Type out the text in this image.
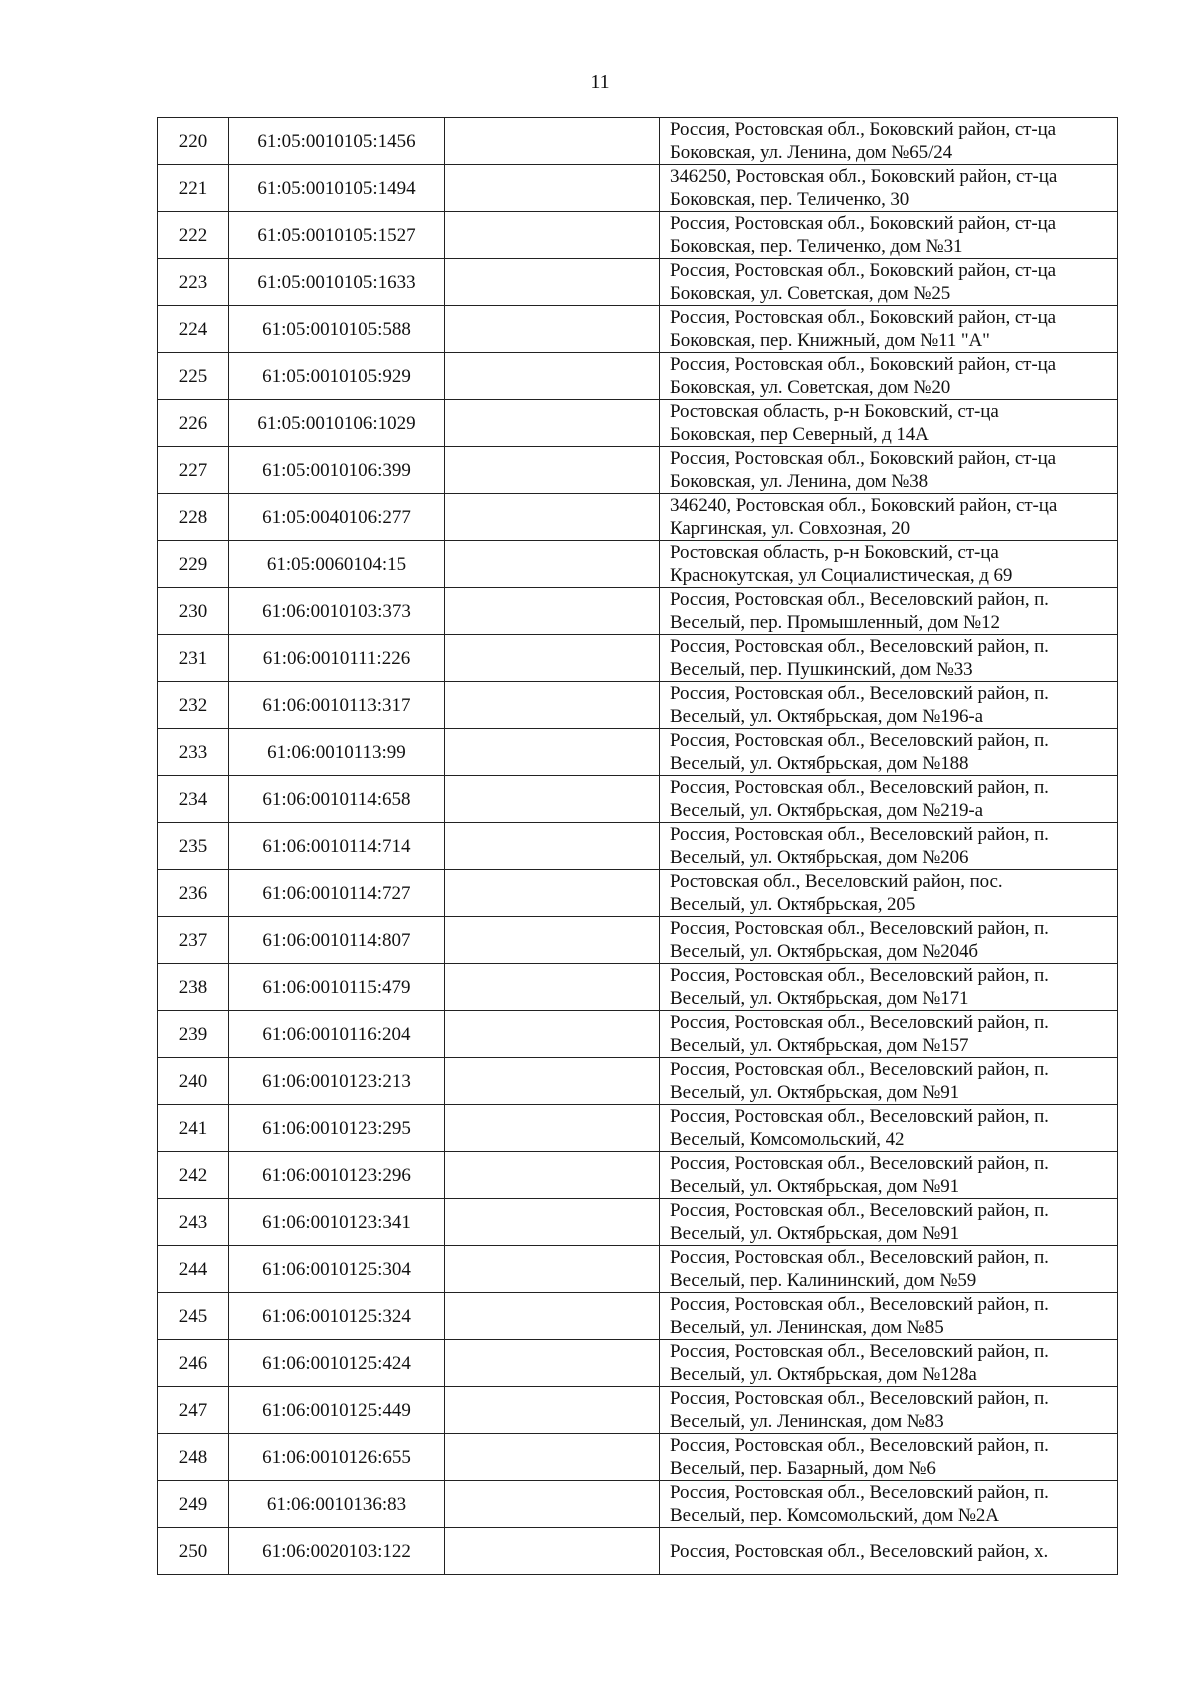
11
220	61:05:0010105:1456		Россия, Ростовская обл., Боковский район, ст-ца
Боковская, ул. Ленина, дом №65/24
221	61:05:0010105:1494		346250, Ростовская обл., Боковский район, ст-ца
Боковская, пер. Теличенко, 30
222	61:05:0010105:1527		Россия, Ростовская обл., Боковский район, ст-ца
Боковская, пер. Теличенко, дом №31
223	61:05:0010105:1633		Россия, Ростовская обл., Боковский район, ст-ца
Боковская, ул. Советская, дом №25
224	61:05:0010105:588		Россия, Ростовская обл., Боковский район, ст-ца
Боковская, пер. Книжный, дом №11 "А"
225	61:05:0010105:929		Россия, Ростовская обл., Боковский район, ст-ца
Боковская, ул. Советская, дом №20
226	61:05:0010106:1029		Ростовская область, р-н Боковский, ст-ца
Боковская, пер Северный, д 14А
227	61:05:0010106:399		Россия, Ростовская обл., Боковский район, ст-ца
Боковская, ул. Ленина, дом №38
228	61:05:0040106:277		346240, Ростовская обл., Боковский район, ст-ца
Каргинская, ул. Совхозная, 20
229	61:05:0060104:15		Ростовская область, р-н Боковский, ст-ца
Краснокутская, ул Социалистическая, д 69
230	61:06:0010103:373		Россия, Ростовская обл., Веселовский район, п.
Веселый, пер. Промышленный, дом №12
231	61:06:0010111:226		Россия, Ростовская обл., Веселовский район, п.
Веселый, пер. Пушкинский, дом №33
232	61:06:0010113:317		Россия, Ростовская обл., Веселовский район, п.
Веселый, ул. Октябрьская, дом №196-а
233	61:06:0010113:99		Россия, Ростовская обл., Веселовский район, п.
Веселый, ул. Октябрьская, дом №188
234	61:06:0010114:658		Россия, Ростовская обл., Веселовский район, п.
Веселый, ул. Октябрьская, дом №219-а
235	61:06:0010114:714		Россия, Ростовская обл., Веселовский район, п.
Веселый, ул. Октябрьская, дом №206
236	61:06:0010114:727		Ростовская обл., Веселовский район, пос.
Веселый, ул. Октябрьская, 205
237	61:06:0010114:807		Россия, Ростовская обл., Веселовский район, п.
Веселый, ул. Октябрьская, дом №204б
238	61:06:0010115:479		Россия, Ростовская обл., Веселовский район, п.
Веселый, ул. Октябрьская, дом №171
239	61:06:0010116:204		Россия, Ростовская обл., Веселовский район, п.
Веселый, ул. Октябрьская, дом №157
240	61:06:0010123:213		Россия, Ростовская обл., Веселовский район, п.
Веселый, ул. Октябрьская, дом №91
241	61:06:0010123:295		Россия, Ростовская обл., Веселовский район, п.
Веселый, Комсомольский, 42
242	61:06:0010123:296		Россия, Ростовская обл., Веселовский район, п.
Веселый, ул. Октябрьская, дом №91
243	61:06:0010123:341		Россия, Ростовская обл., Веселовский район, п.
Веселый, ул. Октябрьская, дом №91
244	61:06:0010125:304		Россия, Ростовская обл., Веселовский район, п.
Веселый, пер. Калининский, дом №59
245	61:06:0010125:324		Россия, Ростовская обл., Веселовский район, п.
Веселый, ул. Ленинская, дом №85
246	61:06:0010125:424		Россия, Ростовская обл., Веселовский район, п.
Веселый, ул. Октябрьская, дом №128а
247	61:06:0010125:449		Россия, Ростовская обл., Веселовский район, п.
Веселый, ул. Ленинская, дом №83
248	61:06:0010126:655		Россия, Ростовская обл., Веселовский район, п.
Веселый, пер. Базарный, дом №6
249	61:06:0010136:83		Россия, Ростовская обл., Веселовский район, п.
Веселый, пер. Комсомольский, дом №2А
250	61:06:0020103:122		Россия, Ростовская обл., Веселовский район, х.
